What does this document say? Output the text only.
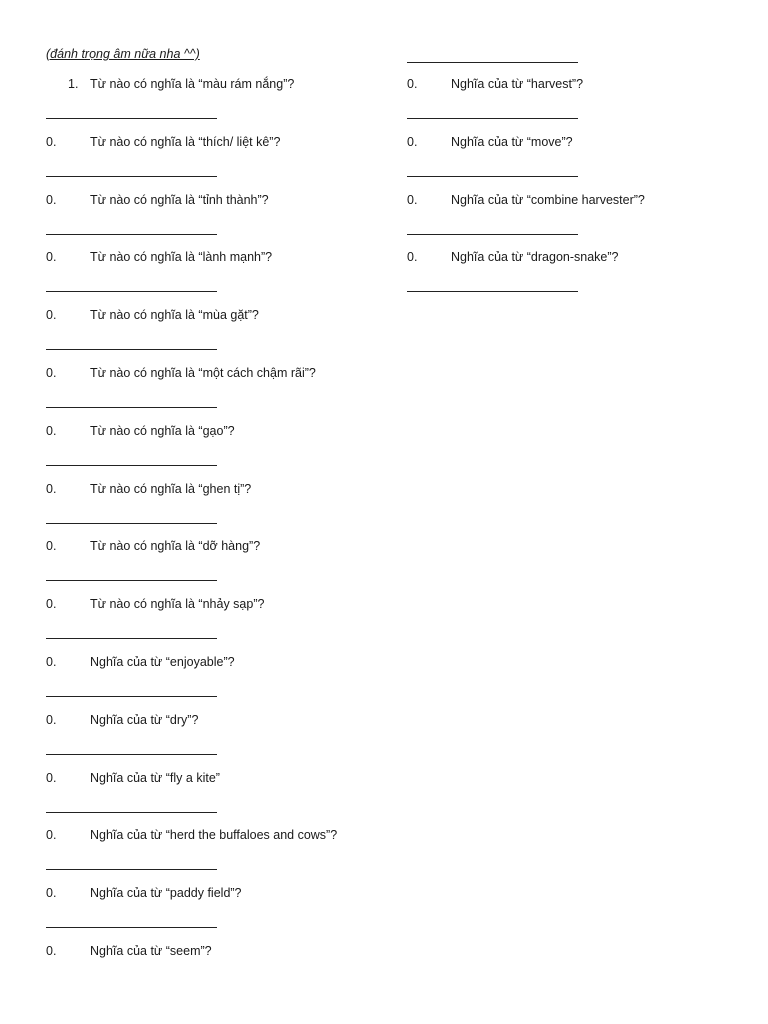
(đánh trọng âm nữa nha ^^)
1. Từ nào có nghĩa là “màu rám nắng”?
0.	Từ nào có nghĩa là “thích/ liệt kê”?
0.	Từ nào có nghĩa là “tỉnh thành”?
0.	Từ nào có nghĩa là “lành mạnh”?
0.	Từ nào có nghĩa là “mùa gặt”?
0.	Từ nào có nghĩa là “một cách chậm rãi”?
0.	Từ nào có nghĩa là “gạo”?
0.	Từ nào có nghĩa là “ghen tị”?
0.	Từ nào có nghĩa là “dỡ hàng”?
0.	Từ nào có nghĩa là “nhảy sạp”?
0.	Nghĩa của từ “enjoyable”?
0.	Nghĩa của từ “dry”?
0.	Nghĩa của từ “fly a kite”
0.	Nghĩa của từ “herd the buffaloes and cows”?
0.	Nghĩa của từ “paddy field”?
0.	Nghĩa của từ “seem”?
0.	Nghĩa của từ “harvest”?
0.	Nghĩa của từ “move”?
0.	Nghĩa của từ “combine harvester”?
0.	Nghĩa của từ “dragon-snake”?
